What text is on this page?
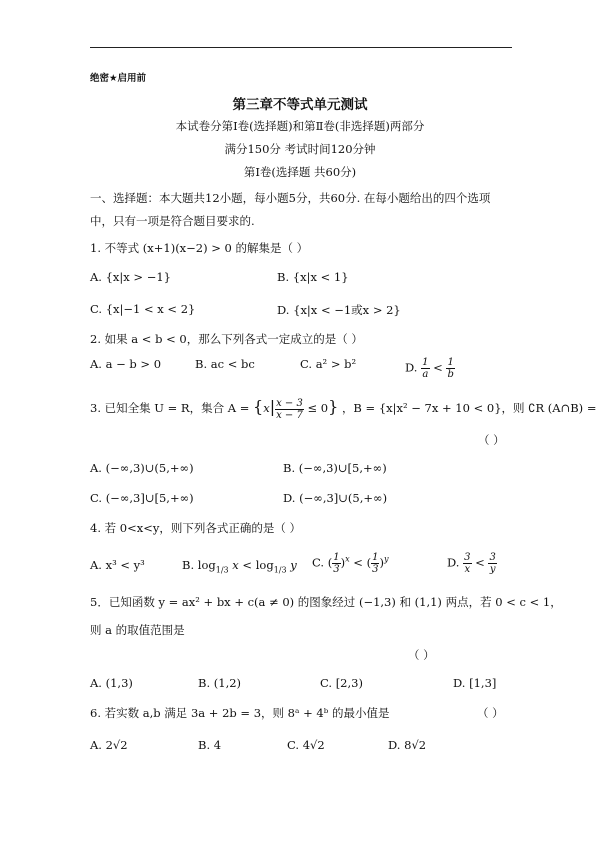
绝密★启用前
第三章不等式单元测试
本试卷分第Ⅰ卷(选择题)和第Ⅱ卷(非选择题)两部分
满分150分 考试时间120分钟
第Ⅰ卷(选择题 共60分)
一、选择题：本大题共12小题，每小题5分，共60分. 在每小题给出的四个选项
中，只有一项是符合题目要求的.
1. 不等式 (x+1)(x−2) > 0 的解集是（ ）
A. {x|x > −1}	B. {x|x < 1}
C. {x|−1 < x < 2}	D. {x|x < −1或x > 2}
2. 如果 a < b < 0，那么下列各式一定成立的是（ ）
A. a − b > 0	B. ac < bc	C. a² > b²	D. $\frac{1}{a} < \frac{1}{b}$
3. 已知全集 U = R，集合 $A = \{x| \frac{x - 3}{x - 7} \le 0\}$ ，B = {x|x² − 7x + 10 < 0}，则 ∁R (A∩B) =
（ ）
A. (−∞,3)∪(5,+∞)	B. (−∞,3)∪[5,+∞)
C. (−∞,3]∪[5,+∞)	D. (−∞,3]∪(5,+∞)
4. 若 0<x<y，则下列各式正确的是（ ）
A. x³ < y³	B. $\log_{1/3} x < \log_{1/3} y$ C. ( $\frac{1}{3} )^x$ < ( $\frac{1}{3} )^y$	D. $\frac{3}{x} < \frac{3}{y}$
5．已知函数 y = ax² + bx + c(a ≠ 0) 的图象经过 (−1,3) 和 (1,1) 两点，若 0 < c < 1，
则 a 的取值范围是
（ ）
A. (1,3)	B. (1,2)	C. [2,3)	D. [1,3]
6. 若实数 a,b 满足 3a + 2b = 3，则 8ᵃ + 4ᵇ 的最小值是	（ ）
A. 2√2	B. 4	C. 4√2	D. 8√2
